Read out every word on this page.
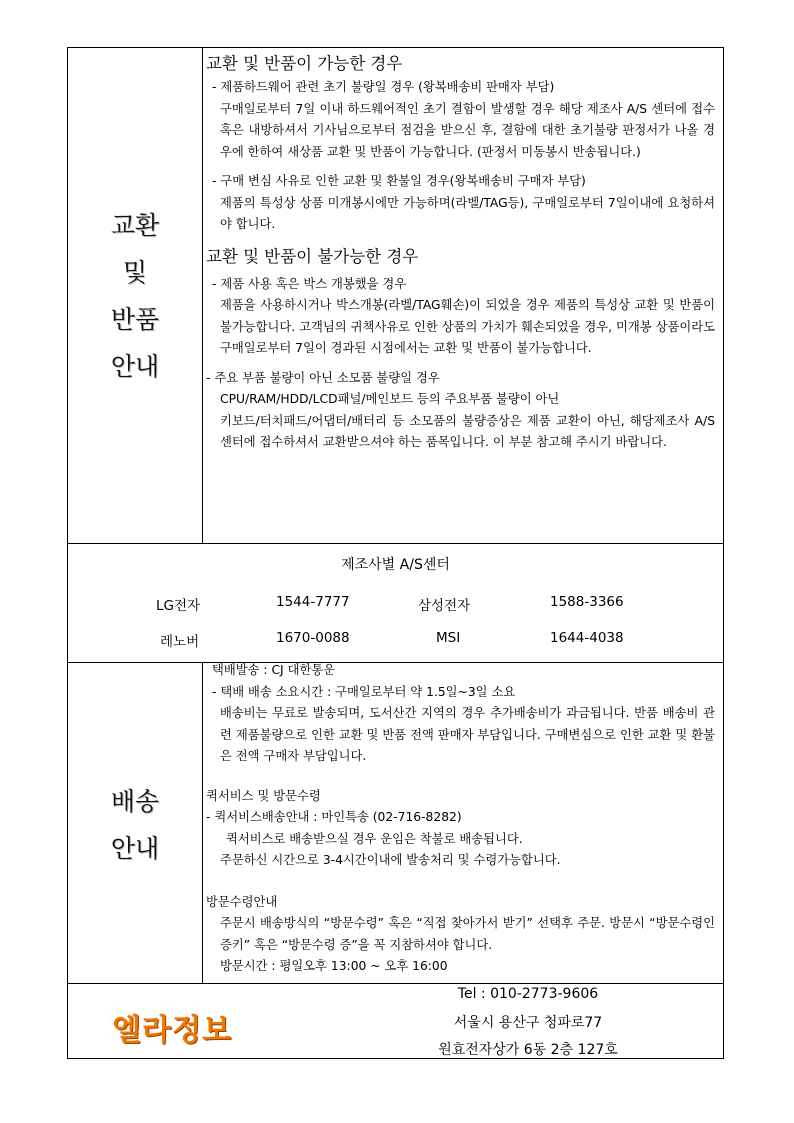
교환
및
반품
안내

교환 및 반품이 가능한 경우

- 제품하드웨어 관련 초기 불량일 경우 (왕복배송비 판매자 부담)

구매일로부터 7일 이내 하드웨어적인 초기 결함이 발생할 경우 해당 제조사 A/S 센터에 접수 혹은 내방하셔서 기사님으로부터 점검을 받으신 후, 결함에 대한 초기불량 판정서가 나올 경우에 한하여 새상품 교환 및 반품이 가능합니다. (판정서 미동봉시 반송됩니다.)

- 구매 변심 사유로 인한 교환 및 환불일 경우(왕복배송비 구매자 부담)

제품의 특성상 상품 미개봉시에만 가능하며(라벨/TAG등), 구매일로부터 7일이내에 요청하셔야 합니다.

교환 및 반품이 불가능한 경우

- 제품 사용 혹은 박스 개봉했을 경우

제품을 사용하시거나 박스개봉(라벨/TAG훼손)이 되었을 경우 제품의 특성상 교환 및 반품이 불가능합니다. 고객님의 귀책사유로 인한 상품의 가치가 훼손되었을 경우, 미개봉 상품이라도 구매일로부터 7일이 경과된 시점에서는 교환 및 반품이 불가능합니다.

- 주요 부품 불량이 아닌 소모품 불량일 경우

CPU/RAM/HDD/LCD패널/메인보드 등의 주요부품 불량이 아닌

키보드/터치패드/어댑터/배터리 등 소모품의 불량증상은 제품 교환이 아닌, 해당제조사 A/S 센터에 접수하셔서 교환받으셔야 하는 품목입니다. 이 부분 참고해 주시기 바랍니다.

제조사별 A/S센터
LG전자	1544-7777	삼성전자	1588-3366
레노버	1670-0088	MSI	1644-4038
배송
안내

택배발송 : CJ 대한통운

- 택배 배송 소요시간 : 구매일로부터 약 1.5일~3일 소요

배송비는 무료로 발송되며, 도서산간 지역의 경우 추가배송비가 과금됩니다. 반품 배송비 관련 제품불량으로 인한 교환 및 반품 전액 판매자 부담입니다. 구매변심으로 인한 교환 및 환불은 전액 구매자 부담입니다.

퀵서비스 및 방문수령

- 퀵서비스배송안내 : 마인특송 (02-716-8282)

퀵서비스로 배송받으실 경우 운임은 착불로 배송됩니다.

주문하신 시간으로 3-4시간이내에 발송처리 및 수령가능합니다.

방문수령안내

주문시 배송방식의 “방문수령” 혹은 “직접 찾아가서 받기” 선택후 주문. 방문시 “방문수령인증키” 혹은 “방문수령 증”을 꼭 지참하셔야 합니다.

방문시간 : 평일오후 13:00 ~ 오후 16:00

엘라정보
Tel : 010-2773-9606
서울시 용산구 청파로77
원효전자상가 6동 2층 127호
